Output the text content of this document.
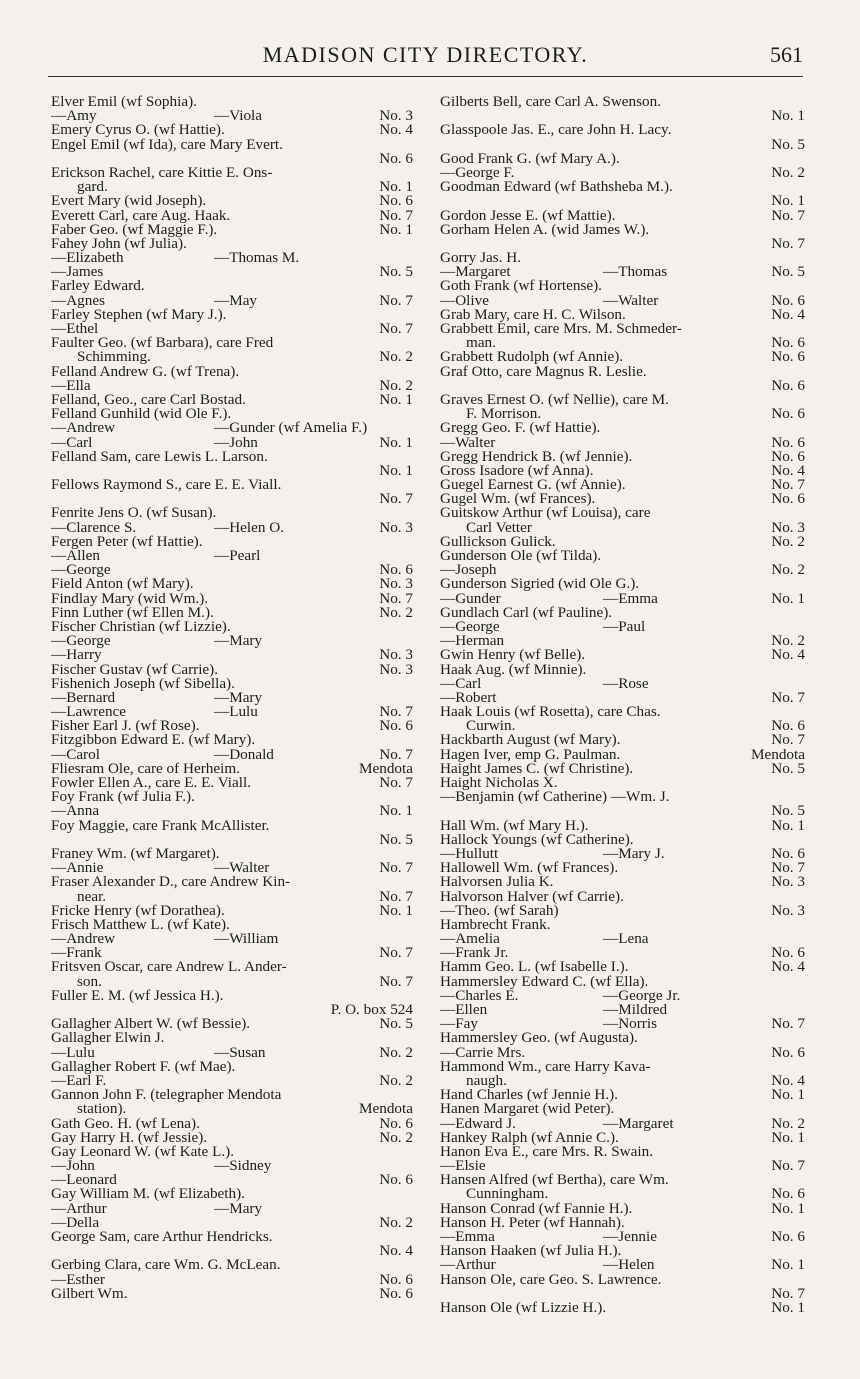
MADISON CITY DIRECTORY.	561
Elver Emil (wf Sophia).
—Amy	—Viola	No. 3
Emery Cyrus O. (wf Hattie).	No. 4
Engel Emil (wf Ida), care Mary Evert.
No. 6
Erickson Rachel, care Kittie E. Ons-
gard.	No. 1
Evert Mary (wid Joseph).	No. 6
Everett Carl, care Aug. Haak.	No. 7
Faber Geo. (wf Maggie F.).	No. 1
Fahey John (wf Julia).
—Elizabeth	—Thomas M.
—James	No. 5
Farley Edward.
—Agnes	—May	No. 7
Farley Stephen (wf Mary J.).
—Ethel	No. 7
Faulter Geo. (wf Barbara), care Fred
Schimming.	No. 2
Felland Andrew G. (wf Trena).
—Ella	No. 2
Felland, Geo., care Carl Bostad.	No. 1
Felland Gunhild (wid Ole F.).
—Andrew	—Gunder (wf Amelia F.)
—Carl	—John	No. 1
Felland Sam, care Lewis L. Larson.
No. 1
Fellows Raymond S., care E. E. Viall.
No. 7
Fenrite Jens O. (wf Susan).
—Clarence S.	—Helen O.	No. 3
Fergen Peter (wf Hattie).
—Allen	—Pearl
—George	No. 6
Field Anton (wf Mary).	No. 3
Findlay Mary (wid Wm.).	No. 7
Finn Luther (wf Ellen M.).	No. 2
Fischer Christian (wf Lizzie).
—George	—Mary
—Harry	No. 3
Fischer Gustav (wf Carrie).	No. 3
Fishenich Joseph (wf Sibella).
—Bernard	—Mary
—Lawrence	—Lulu	No. 7
Fisher Earl J. (wf Rose).	No. 6
Fitzgibbon Edward E. (wf Mary).
—Carol	—Donald	No. 7
Fliesram Ole, care of Herheim.	Mendota
Fowler Ellen A., care E. E. Viall.	No. 7
Foy Frank (wf Julia F.).
—Anna	No. 1
Foy Maggie, care Frank McAllister.
No. 5
Franey Wm. (wf Margaret).
—Annie	—Walter	No. 7
Fraser Alexander D., care Andrew Kin-
near.	No. 7
Fricke Henry (wf Dorathea).	No. 1
Frisch Matthew L. (wf Kate).
—Andrew	—William
—Frank	No. 7
Fritsven Oscar, care Andrew L. Ander-
son.	No. 7
Fuller E. M. (wf Jessica H.).
P. O. box 524
Gallagher Albert W. (wf Bessie).	No. 5
Gallagher Elwin J.
—Lulu	—Susan	No. 2
Gallagher Robert F. (wf Mae).
—Earl F.	No. 2
Gannon John F. (telegrapher Mendota
station).	Mendota
Gath Geo. H. (wf Lena).	No. 6
Gay Harry H. (wf Jessie).	No. 2
Gay Leonard W. (wf Kate L.).
—John	—Sidney
—Leonard	No. 6
Gay William M. (wf Elizabeth).
—Arthur	—Mary
—Della	No. 2
George Sam, care Arthur Hendricks.
No. 4
Gerbing Clara, care Wm. G. McLean.
—Esther	No. 6
Gilbert Wm.	No. 6
Gilberts Bell, care Carl A. Swenson.
No. 1
Glasspoole Jas. E., care John H. Lacy.
No. 5
Good Frank G. (wf Mary A.).
—George F.	No. 2
Goodman Edward (wf Bathsheba M.).
No. 1
Gordon Jesse E. (wf Mattie).	No. 7
Gorham Helen A. (wid James W.).
No. 7
Gorry Jas. H.
—Margaret	—Thomas	No. 5
Goth Frank (wf Hortense).
—Olive	—Walter	No. 6
Grab Mary, care H. C. Wilson.	No. 4
Grabbett Emil, care Mrs. M. Schmeder-
man.	No. 6
Grabbett Rudolph (wf Annie).	No. 6
Graf Otto, care Magnus R. Leslie.
No. 6
Graves Ernest O. (wf Nellie), care M.
F. Morrison.	No. 6
Gregg Geo. F. (wf Hattie).
—Walter	No. 6
Gregg Hendrick B. (wf Jennie).	No. 6
Gross Isadore (wf Anna).	No. 4
Guegel Earnest G. (wf Annie).	No. 7
Gugel Wm. (wf Frances).	No. 6
Guitskow Arthur (wf Louisa), care
Carl Vetter	No. 3
Gullickson Gulick.	No. 2
Gunderson Ole (wf Tilda).
—Joseph	No. 2
Gunderson Sigried (wid Ole G.).
—Gunder	—Emma	No. 1
Gundlach Carl (wf Pauline).
—George	—Paul
—Herman	No. 2
Gwin Henry (wf Belle).	No. 4
Haak Aug. (wf Minnie).
—Carl	—Rose
—Robert	No. 7
Haak Louis (wf Rosetta), care Chas.
Curwin.	No. 6
Hackbarth August (wf Mary).	No. 7
Hagen Iver, emp G. Paulman.	Mendota
Haight James C. (wf Christine).	No. 5
Haight Nicholas X.
—Benjamin (wf Catherine) —Wm. J.
No. 5
Hall Wm. (wf Mary H.).	No. 1
Hallock Youngs (wf Catherine).
—Hullutt	—Mary J.	No. 6
Hallowell Wm. (wf Frances).	No. 7
Halvorsen Julia K.	No. 3
Halvorson Halver (wf Carrie).
—Theo. (wf Sarah)	No. 3
Hambrecht Frank.
—Amelia	—Lena
—Frank Jr.	No. 6
Hamm Geo. L. (wf Isabelle I.).	No. 4
Hammersley Edward C. (wf Ella).
—Charles E.	—George Jr.
—Ellen	—Mildred
—Fay	—Norris	No. 7
Hammersley Geo. (wf Augusta).
—Carrie Mrs.	No. 6
Hammond Wm., care Harry Kava-
naugh.	No. 4
Hand Charles (wf Jennie H.).	No. 1
Hanen Margaret (wid Peter).
—Edward J.	—Margaret	No. 2
Hankey Ralph (wf Annie C.).	No. 1
Hanon Eva E., care Mrs. R. Swain.
—Elsie	No. 7
Hansen Alfred (wf Bertha), care Wm.
Cunningham.	No. 6
Hanson Conrad (wf Fannie H.).	No. 1
Hanson H. Peter (wf Hannah).
—Emma	—Jennie	No. 6
Hanson Haaken (wf Julia H.).
—Arthur	—Helen	No. 1
Hanson Ole, care Geo. S. Lawrence.
No. 7
Hanson Ole (wf Lizzie H.).	No. 1
